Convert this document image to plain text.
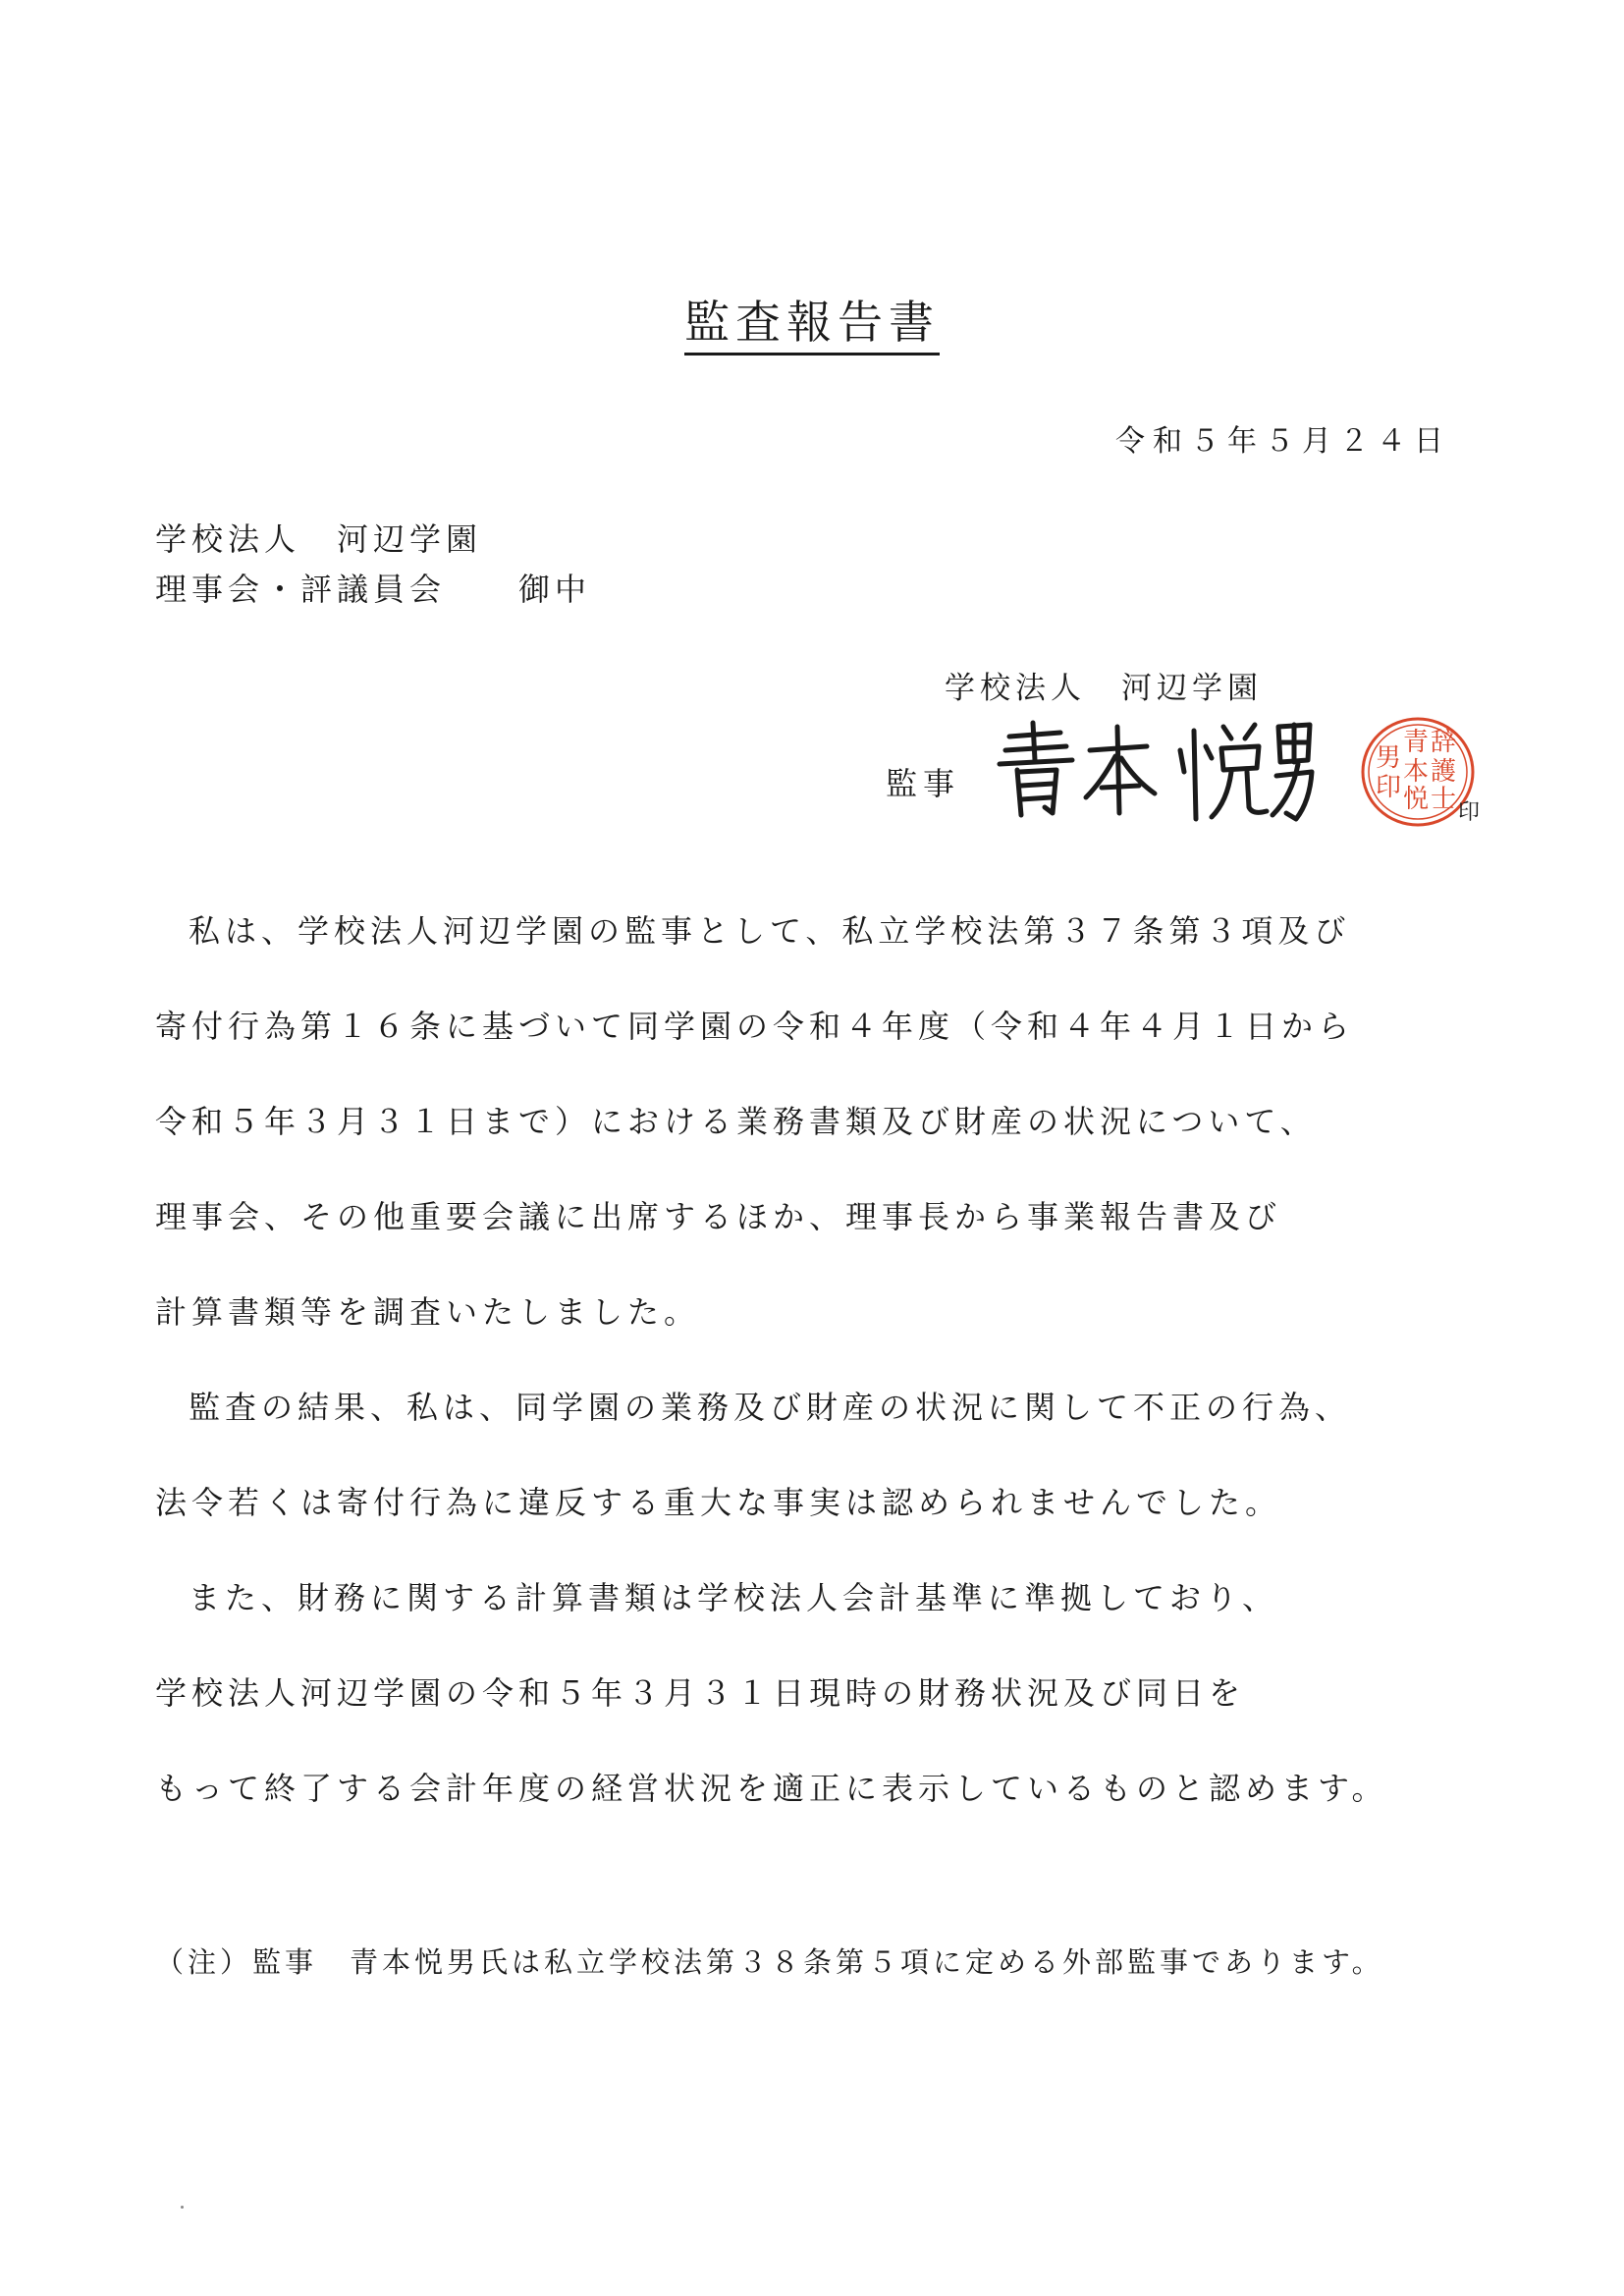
監査報告書
令和５年５月２４日
学校法人　河辺学園
理事会・評議員会　　御中
学校法人　河辺学園
監事
辞
護
士
青
本
悦
男
印
印
私は、学校法人河辺学園の監事として、私立学校法第３７条第３項及び
寄付行為第１６条に基づいて同学園の令和４年度（令和４年４月１日から
令和５年３月３１日まで）における業務書類及び財産の状況について、
理事会、その他重要会議に出席するほか、理事長から事業報告書及び
計算書類等を調査いたしました。
監査の結果、私は、同学園の業務及び財産の状況に関して不正の行為、
法令若くは寄付行為に違反する重大な事実は認められませんでした。
また、財務に関する計算書類は学校法人会計基準に準拠しており、
学校法人河辺学園の令和５年３月３１日現時の財務状況及び同日を
もって終了する会計年度の経営状況を適正に表示しているものと認めます。
（注）監事　青本悦男氏は私立学校法第３８条第５項に定める外部監事であります。
